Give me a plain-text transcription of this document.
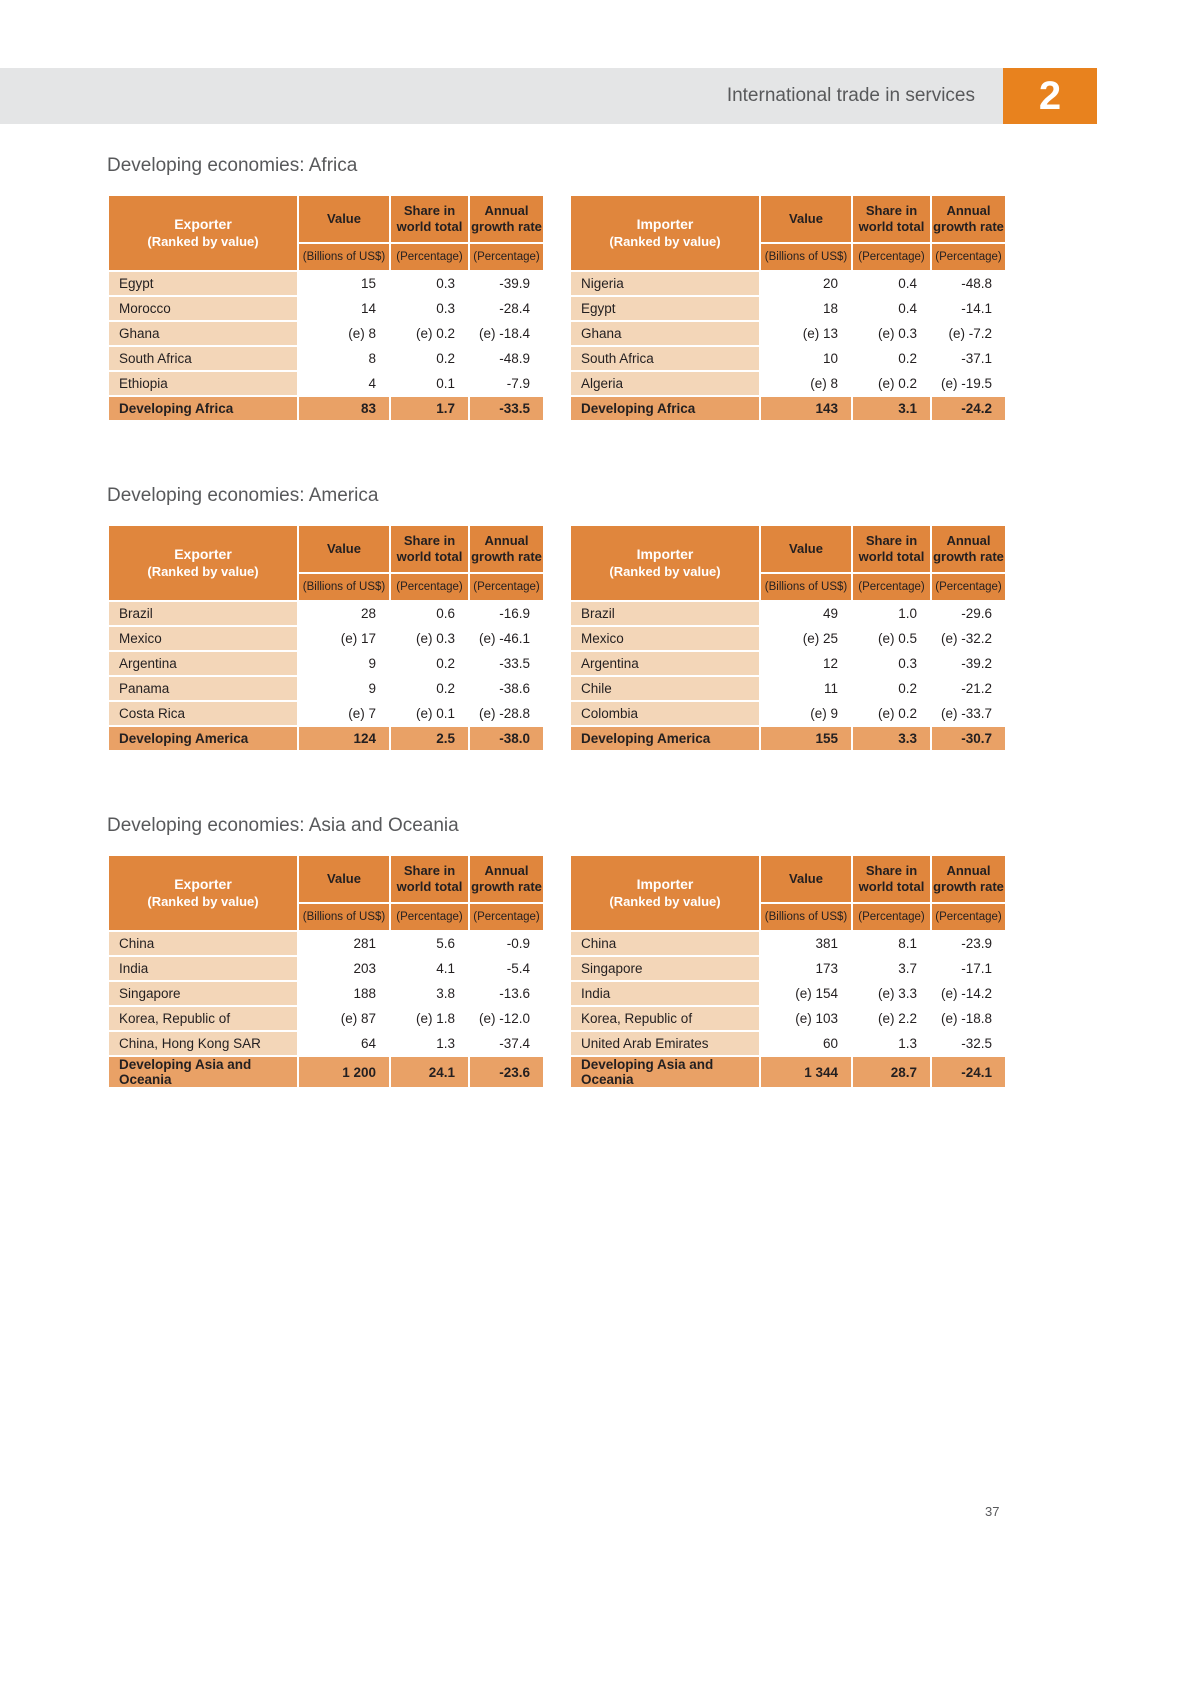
International trade in services	2
Developing economies: Africa
Exporter
(Ranked by value)	Value	Share in world total	Annual growth rate
	(Billions of US$)	(Percentage)	(Percentage)
Egypt	15	0.3	-39.9
Morocco	14	0.3	-28.4
Ghana	(e) 8	(e) 0.2	(e) -18.4
South Africa	8	0.2	-48.9
Ethiopia	4	0.1	-7.9
Developing Africa	83	1.7	-33.5
Importer
(Ranked by value)	Value	Share in world total	Annual growth rate
	(Billions of US$)	(Percentage)	(Percentage)
Nigeria	20	0.4	-48.8
Egypt	18	0.4	-14.1
Ghana	(e) 13	(e) 0.3	(e) -7.2
South Africa	10	0.2	-37.1
Algeria	(e) 8	(e) 0.2	(e) -19.5
Developing Africa	143	3.1	-24.2
Developing economies: America
Exporter
(Ranked by value)	Value	Share in world total	Annual growth rate
	(Billions of US$)	(Percentage)	(Percentage)
Brazil	28	0.6	-16.9
Mexico	(e) 17	(e) 0.3	(e) -46.1
Argentina	9	0.2	-33.5
Panama	9	0.2	-38.6
Costa Rica	(e) 7	(e) 0.1	(e) -28.8
Developing America	124	2.5	-38.0
Importer
(Ranked by value)	Value	Share in world total	Annual growth rate
	(Billions of US$)	(Percentage)	(Percentage)
Brazil	49	1.0	-29.6
Mexico	(e) 25	(e) 0.5	(e) -32.2
Argentina	12	0.3	-39.2
Chile	11	0.2	-21.2
Colombia	(e) 9	(e) 0.2	(e) -33.7
Developing America	155	3.3	-30.7
Developing economies: Asia and Oceania
Exporter
(Ranked by value)	Value	Share in world total	Annual growth rate
	(Billions of US$)	(Percentage)	(Percentage)
China	281	5.6	-0.9
India	203	4.1	-5.4
Singapore	188	3.8	-13.6
Korea, Republic of	(e) 87	(e) 1.8	(e) -12.0
China, Hong Kong SAR	64	1.3	-37.4
Developing Asia and Oceania	1 200	24.1	-23.6
Importer
(Ranked by value)	Value	Share in world total	Annual growth rate
	(Billions of US$)	(Percentage)	(Percentage)
China	381	8.1	-23.9
Singapore	173	3.7	-17.1
India	(e) 154	(e) 3.3	(e) -14.2
Korea, Republic of	(e) 103	(e) 2.2	(e) -18.8
United Arab Emirates	60	1.3	-32.5
Developing Asia and Oceania	1 344	28.7	-24.1
37
